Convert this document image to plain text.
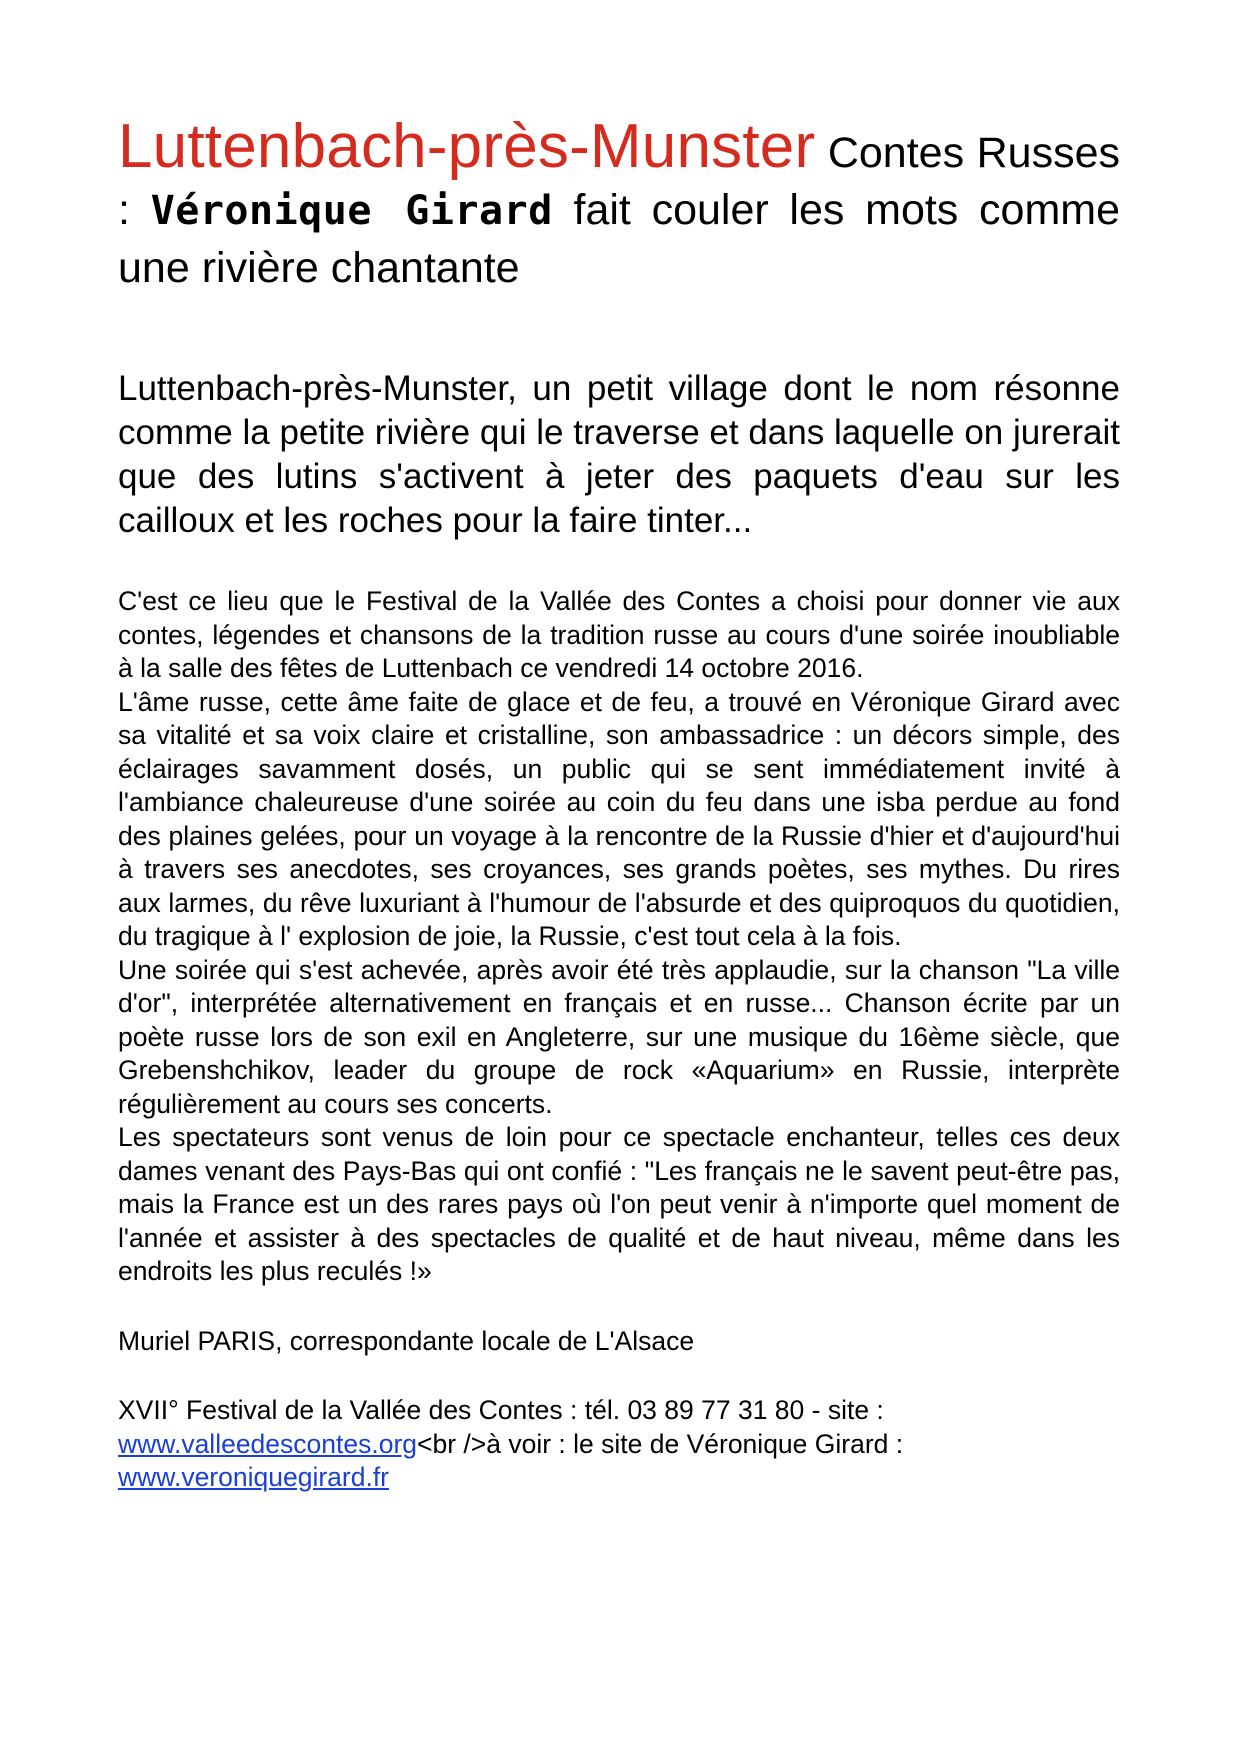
Luttenbach-près-Munster Contes Russes : Véronique Girard fait couler les mots comme une rivière chantante

Luttenbach-près-Munster, un petit village dont le nom résonne comme la petite rivière qui le traverse et dans laquelle on jurerait que des lutins s'activent à jeter des paquets d'eau sur les cailloux et les roches pour la faire tinter...

C'est ce lieu que le Festival de la Vallée des Contes a choisi pour donner vie aux contes, légendes et chansons de la tradition russe au cours d'une soirée inoubliable à la salle des fêtes de Luttenbach ce vendredi 14 octobre 2016.

L'âme russe, cette âme faite de glace et de feu, a trouvé en Véronique Girard avec sa vitalité et sa voix claire et cristalline, son ambassadrice : un décors simple, des éclairages savamment dosés, un public qui se sent immédiatement invité à l'ambiance chaleureuse d'une soirée au coin du feu dans une isba perdue au fond des plaines gelées, pour un voyage à la rencontre de la Russie d'hier et d'aujourd'hui à travers ses anecdotes, ses croyances, ses grands poètes, ses mythes. Du rires aux larmes, du rêve luxuriant à l'humour de l'absurde et des quiproquos du quotidien, du tragique à l' explosion de joie, la Russie, c'est tout cela à la fois.

Une soirée qui s'est achevée, après avoir été très applaudie, sur la chanson "La ville d'or", interprétée alternativement en français et en russe... Chanson écrite par un poète russe lors de son exil en Angleterre, sur une musique du 16ème siècle, que Grebenshchikov, leader du groupe de rock «Aquarium» en Russie, interprète régulièrement au cours ses concerts.

Les spectateurs sont venus de loin pour ce spectacle enchanteur, telles ces deux dames venant des Pays-Bas qui ont confié : "Les français ne le savent peut-être pas, mais la France est un des rares pays où l'on peut venir à n'importe quel moment de l'année et assister à des spectacles de qualité et de haut niveau, même dans les endroits les plus reculés !»

Muriel PARIS, correspondante locale de L'Alsace

XVII° Festival de la Vallée des Contes : tél. 03 89 77 31 80 - site :
www.valleedescontes.org<br />à voir : le site de Véronique Girard :
www.veroniquegirard.fr
